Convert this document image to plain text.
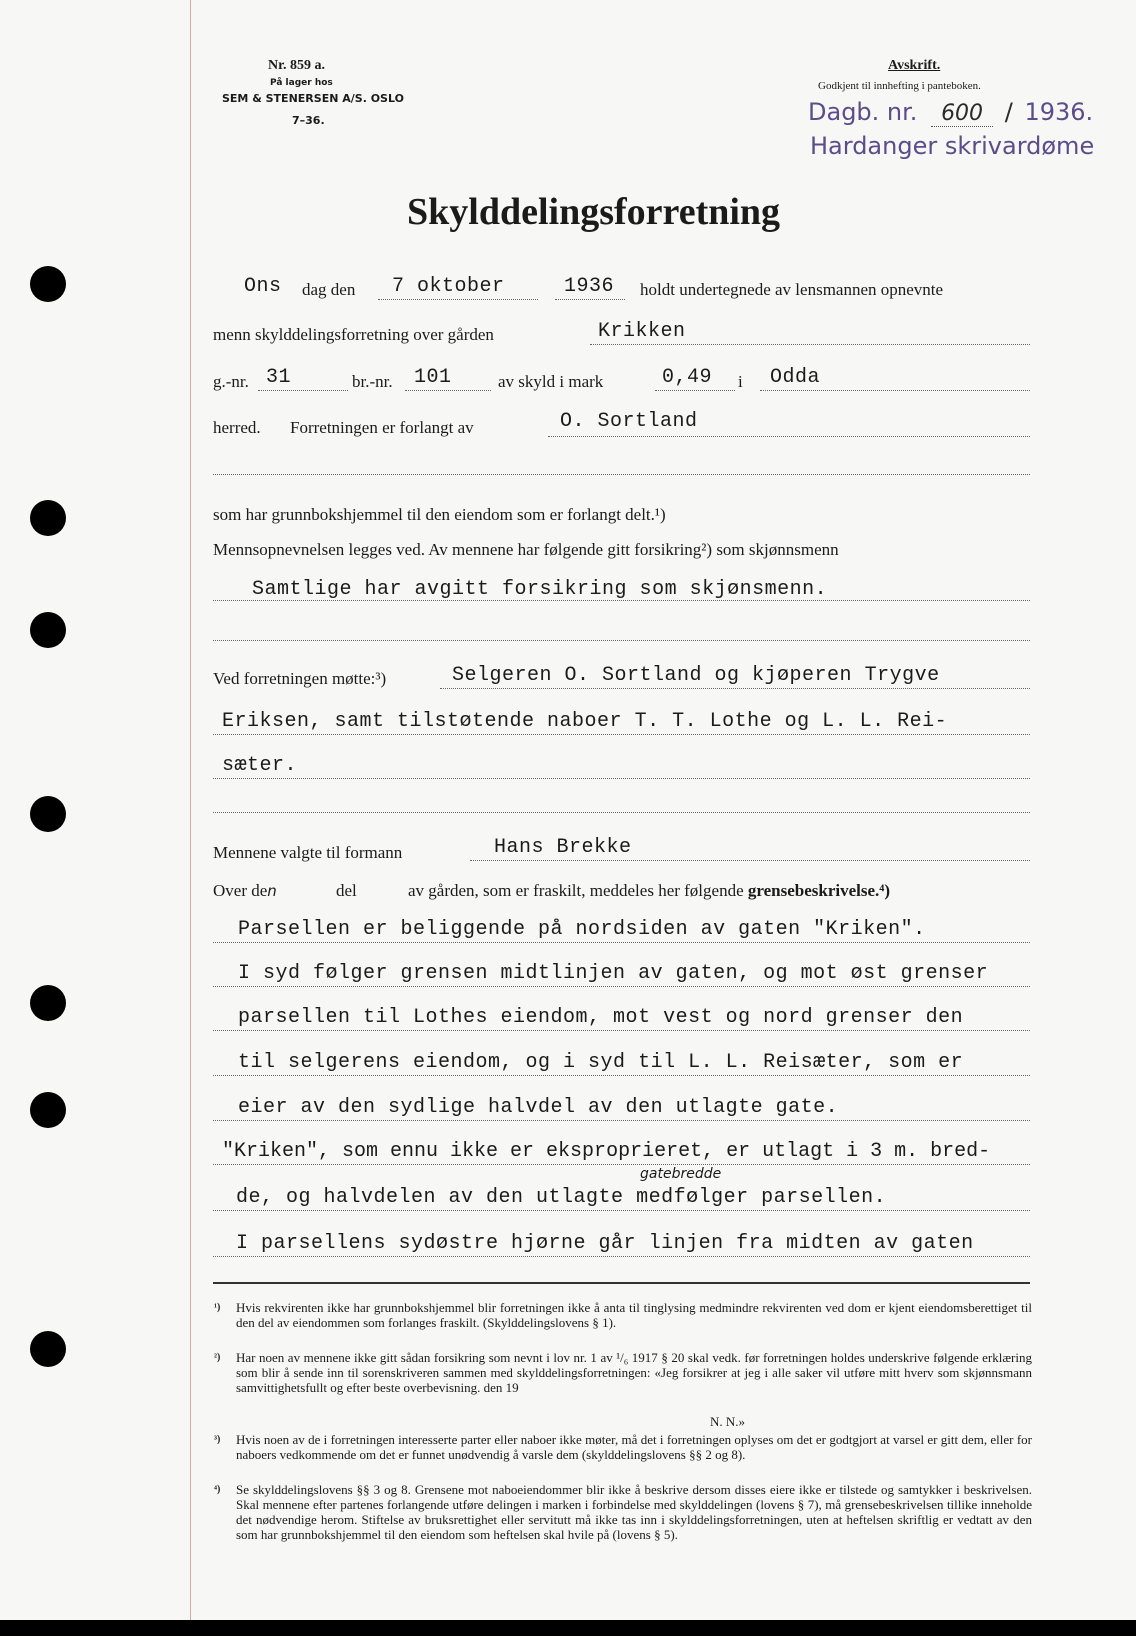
Nr. 859 a.
På lager hos
SEM & STENERSEN A/S. OSLO
7–36.
Avskrift.
Godkjent til innhefting i panteboken.
Dagb. nr. 600 / 1936.
Hardanger skrivardøme
Skylddelingsforretning
Ons dag den 7 oktober	1936 holdt undertegnede av lensmannen opnevnte
menn skylddelingsforretning over gården	Krikken
g.-nr. 31	br.-nr. 101	av skyld i mark	0,49 i Odda
herred. Forretningen er forlangt av	O. Sortland
som har grunnbokshjemmel til den eiendom som er forlangt delt.¹)
Mennsopnevnelsen legges ved. Av mennene har følgende gitt forsikring²) som skjønnsmenn
Samtlige har avgitt forsikring som skjønsmenn.
Ved forretningen møtte:³)	Selgeren O. Sortland og kjøperen Trygve
Eriksen, samt tilstøtende naboer T. T. Lothe og L. L. Rei-
sæter.
Mennene valgte til formann	Hans Brekke
Over den	del	av gården, som er fraskilt, meddeles her følgende grensebeskrivelse.⁴)
Parsellen er beliggende på nordsiden av gaten "Kriken".
I syd følger grensen midtlinjen av gaten, og mot øst grenser
parsellen til Lothes eiendom, mot vest og nord grenser den
til selgerens eiendom, og i syd til L. L. Reisæter, som er
eier av den sydlige halvdel av den utlagte gate.
"Kriken", som ennu ikke er eksproprieret, er utlagt i 3 m. bred-
gatebredde
de, og halvdelen av den utlagte medfølger parsellen.
I parsellens sydøstre hjørne går linjen fra midten av gaten
¹) Hvis rekvirenten ikke har grunnbokshjemmel blir forretningen ikke å anta til tinglysing medmindre rekvirenten ved dom er kjent eiendomsberettiget til den del av eiendommen som forlanges fraskilt. (Skylddelingslovens § 1).
²) Har noen av mennene ikke gitt sådan forsikring som nevnt i lov nr. 1 av ¹/₆ 1917 § 20 skal vedk. før forretningen holdes underskrive følgende erklæring som blir å sende inn til sorenskriveren sammen med skylddelingsforretningen: «Jeg forsikrer at jeg i alle saker vil utføre mitt hverv som skjønnsmann samvittighetsfullt og efter beste overbevisning. den 19
N. N.»
³) Hvis noen av de i forretningen interesserte parter eller naboer ikke møter, må det i forretningen oplyses om det er godtgjort at varsel er gitt dem, eller for naboers vedkommende om det er funnet unødvendig å varsle dem (skylddelingslovens §§ 2 og 8).
⁴) Se skylddelingslovens §§ 3 og 8. Grensene mot naboeiendommer blir ikke å beskrive dersom disses eiere ikke er tilstede og samtykker i beskrivelsen. Skal mennene efter partenes forlangende utføre delingen i marken i forbindelse med skylddelingen (lovens § 7), må grensebeskrivelsen tillike inneholde det nødvendige herom. Stiftelse av bruksrettighet eller servitutt må ikke tas inn i skylddelingsforretningen, uten at heftelsen skriftlig er vedtatt av den som har grunnbokshjemmel til den eiendom som heftelsen skal hvile på (lovens § 5).
